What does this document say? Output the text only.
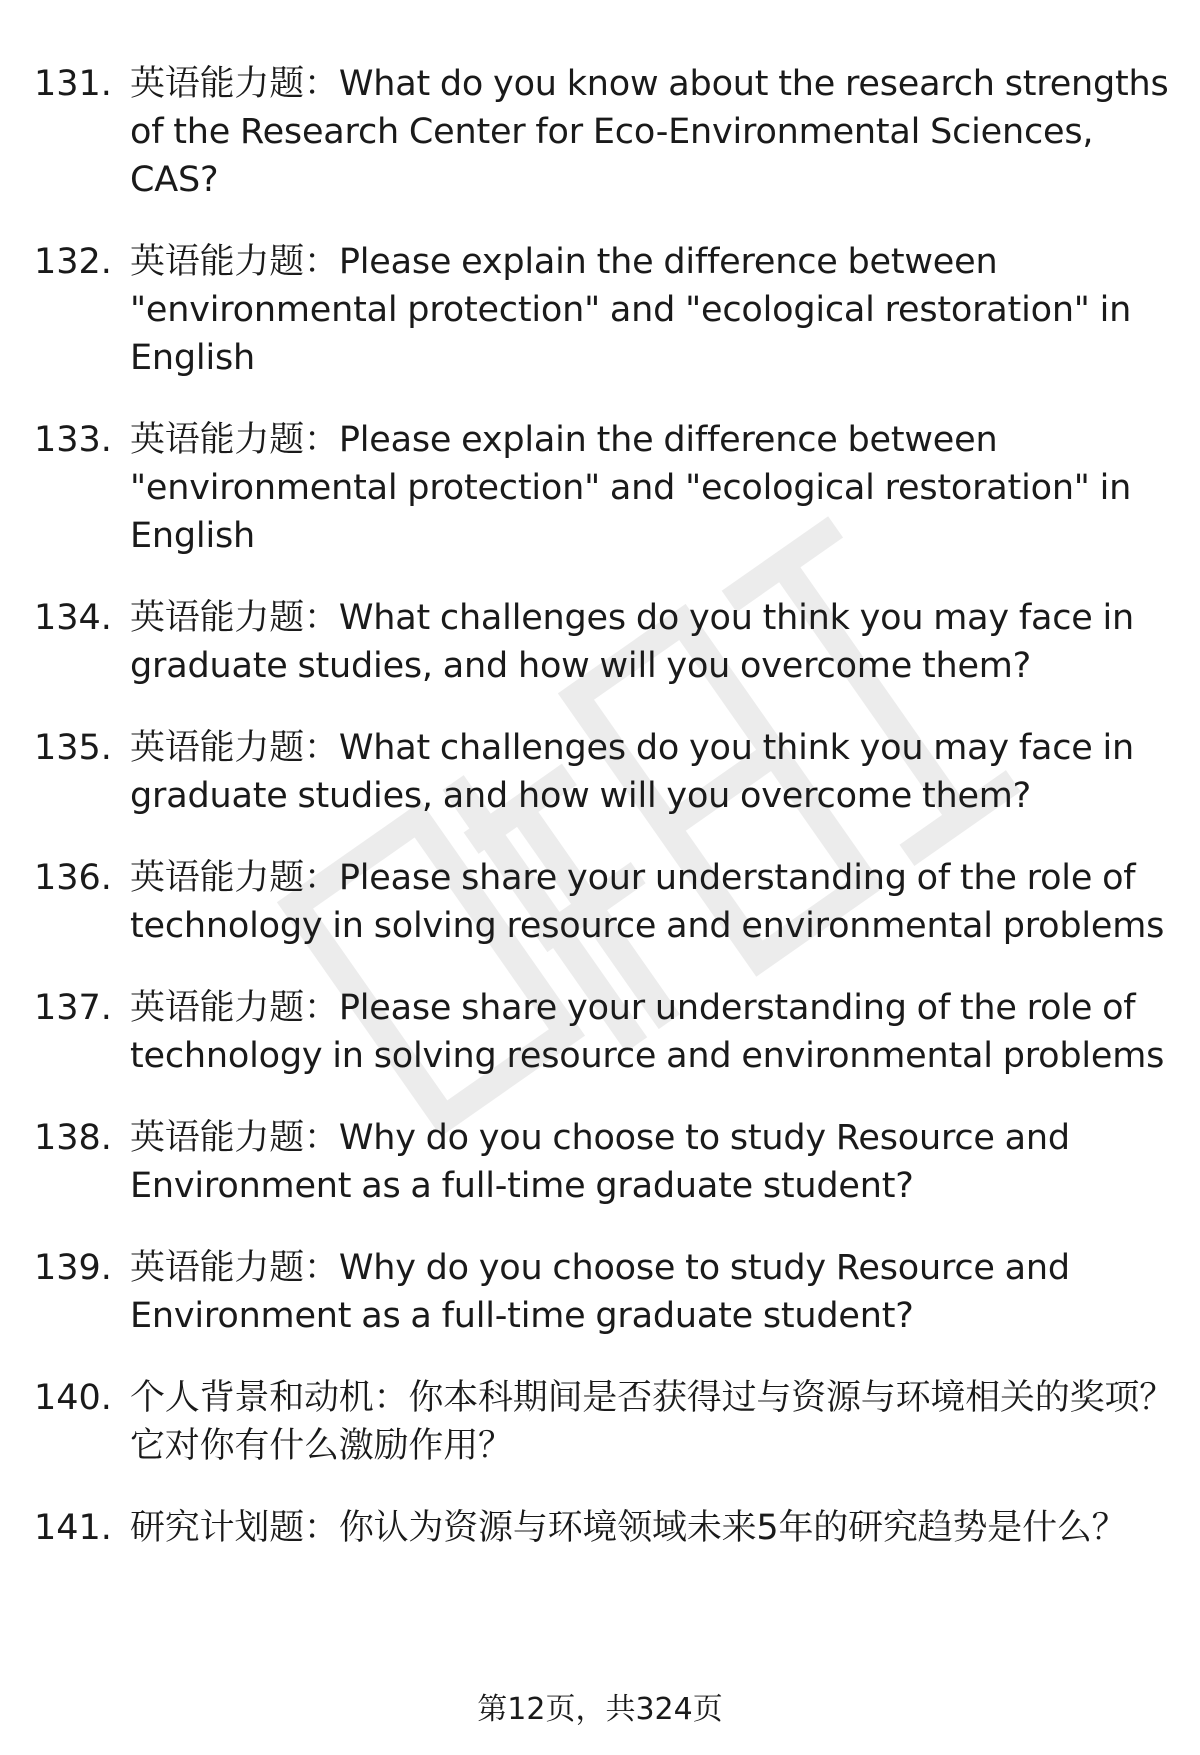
131. 英语能力题：What do you know about the research strengths of the Research Center for Eco-Environmental Sciences, CAS?
132. 英语能力题：Please explain the difference between "environmental protection" and "ecological restoration" in English
133. 英语能力题：Please explain the difference between "environmental protection" and "ecological restoration" in English
134. 英语能力题：What challenges do you think you may face in graduate studies, and how will you overcome them?
135. 英语能力题：What challenges do you think you may face in graduate studies, and how will you overcome them?
136. 英语能力题：Please share your understanding of the role of technology in solving resource and environmental problems
137. 英语能力题：Please share your understanding of the role of technology in solving resource and environmental problems
138. 英语能力题：Why do you choose to study Resource and Environment as a full-time graduate student?
139. 英语能力题：Why do you choose to study Resource and Environment as a full-time graduate student?
140. 个人背景和动机：你本科期间是否获得过与资源与环境相关的奖项？它对你有什么激励作用？
141. 研究计划题：你认为资源与环境领域未来5年的研究趋势是什么？
第12页，共324页
